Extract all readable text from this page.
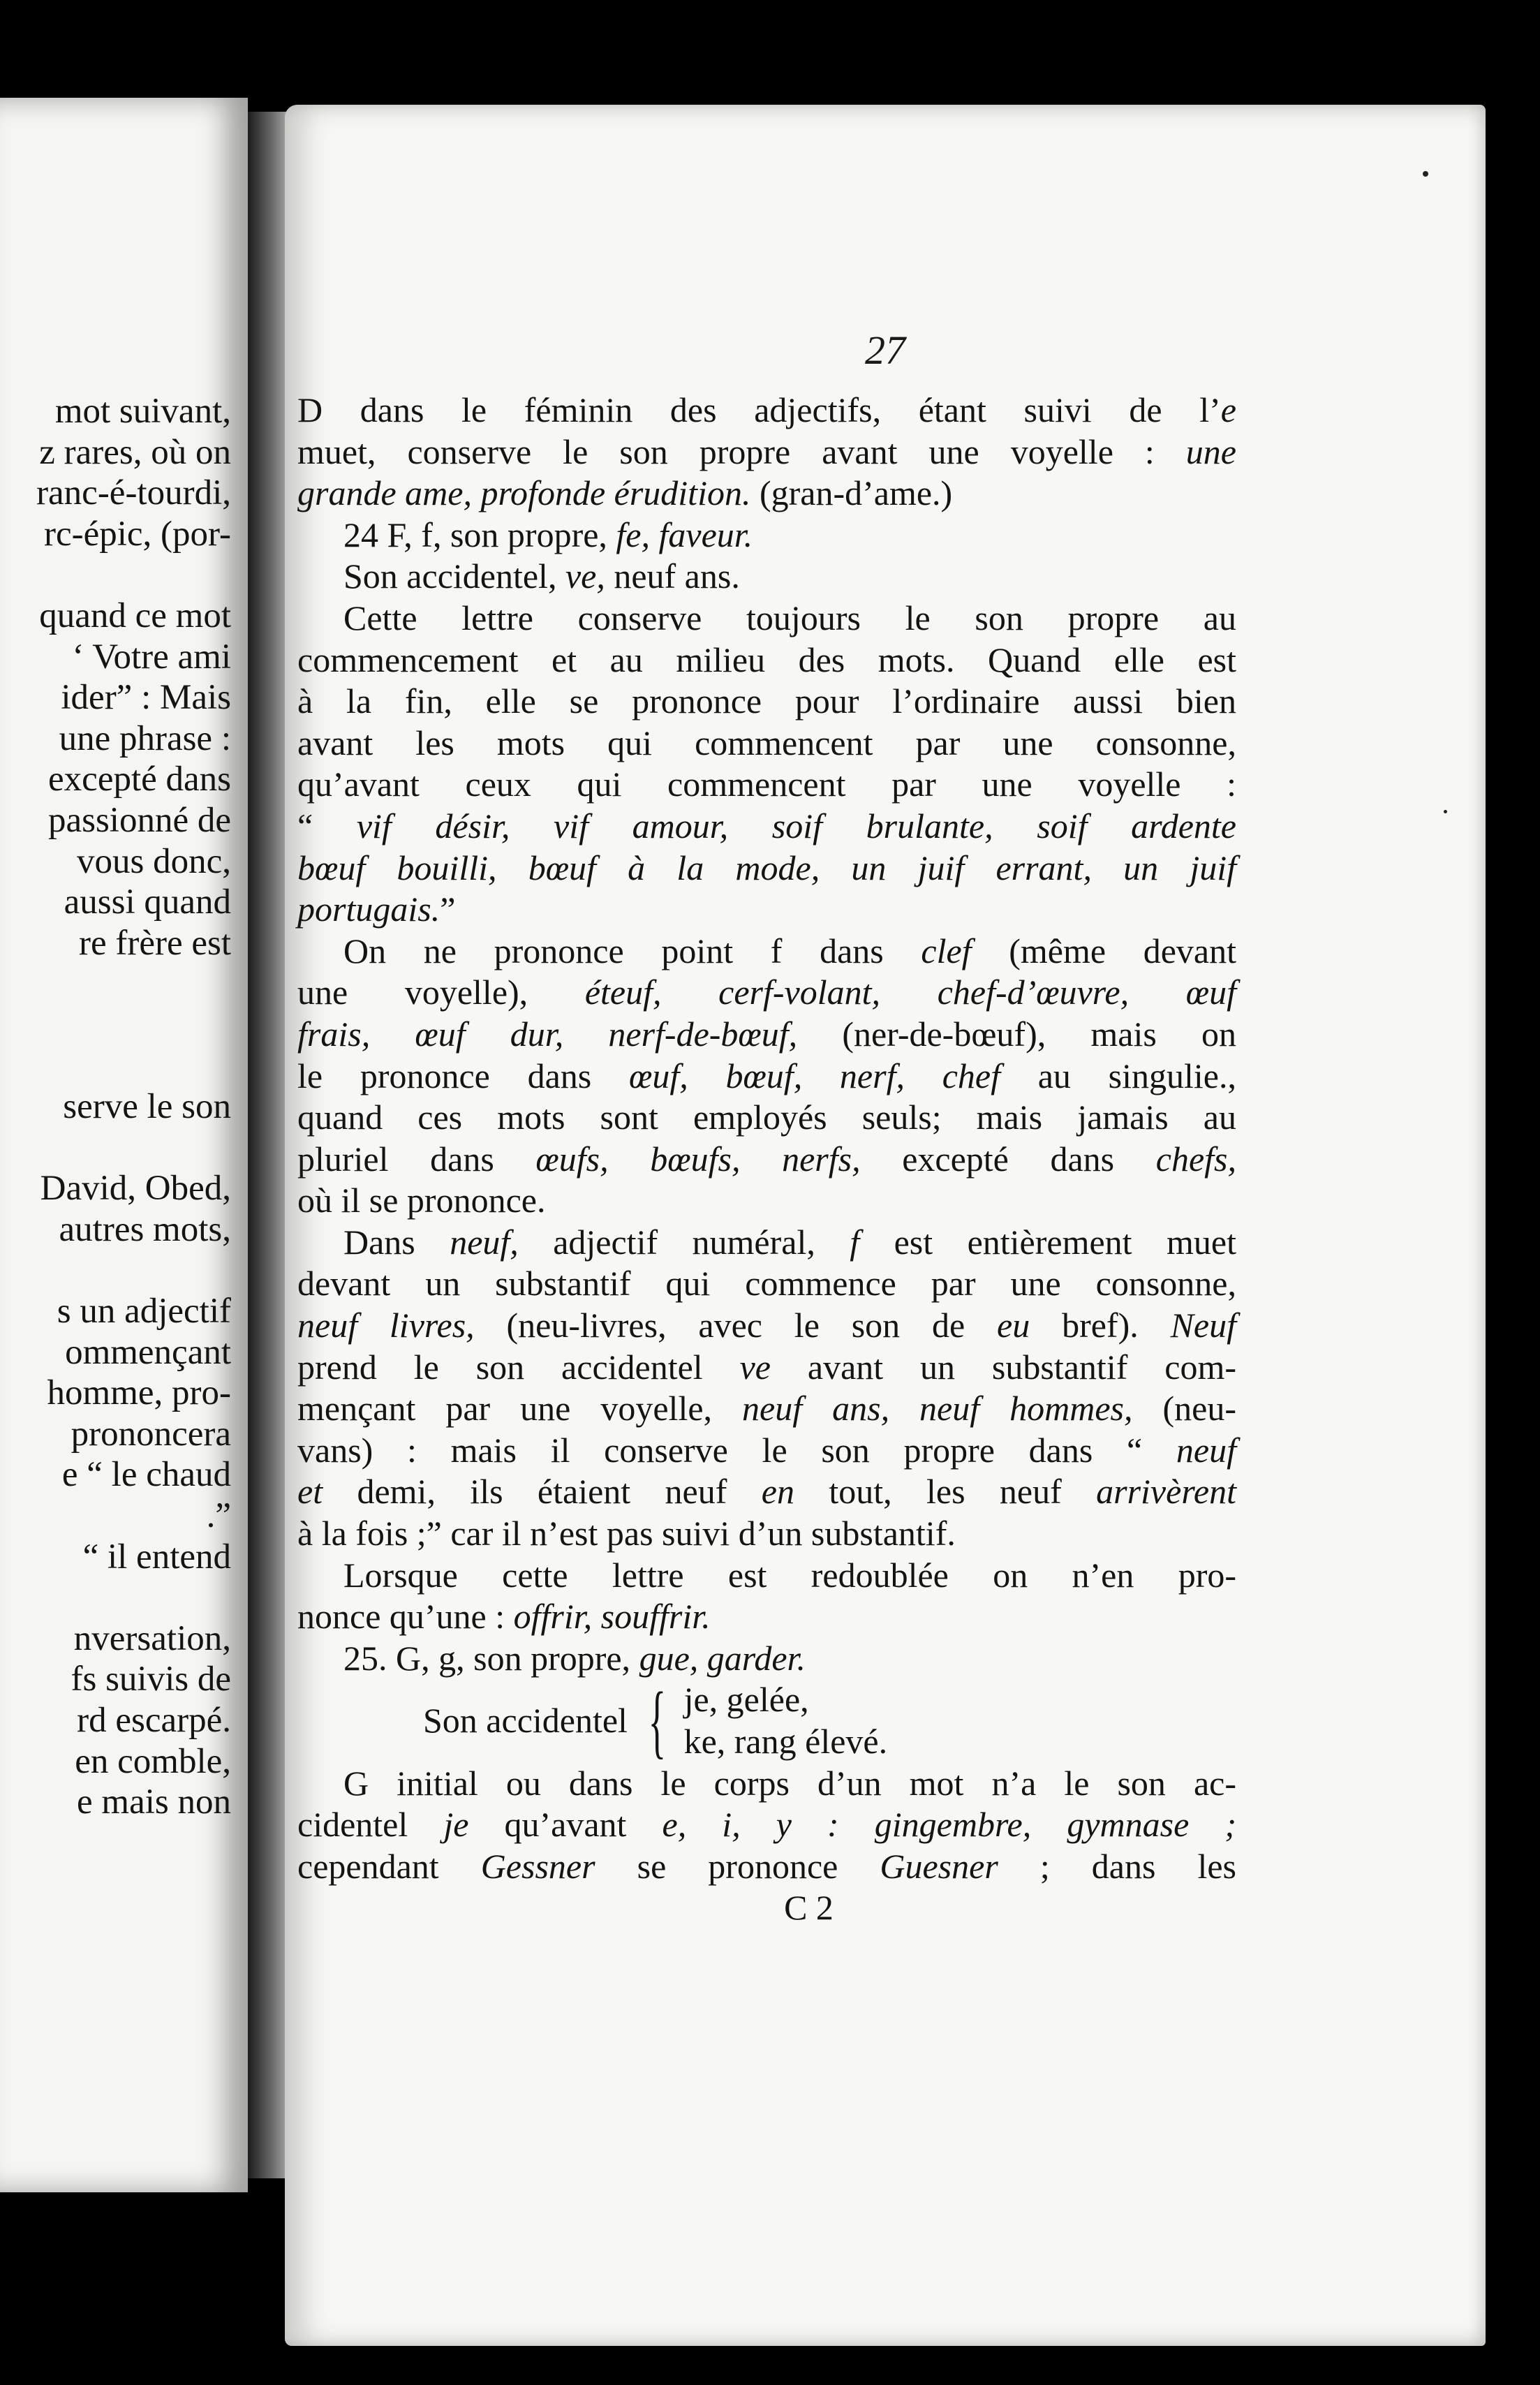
mot suivant,
z rares, où on
ranc-é-tourdi,
rc-épic, (por-

quand ce mot
‘ Votre ami
ider” : Mais
une phrase :
excepté dans
passionné de
vous donc,
aussi quand
re frère est

serve le son

David, Obed,
autres mots,

s un adjectif
ommençant
homme, pro-
prononcera
e “ le chaud
.”
“ il entend

nversation,
fs suivis de
rd escarpé.
en comble,
e mais non
27
D dans le féminin des adjectifs, étant suivi de l’e
muet, conserve le son propre avant une voyelle : une
grande ame, profonde érudition. (gran-d’ame.)
24 F, f, son propre, fe, faveur.
Son accidentel, ve, neuf ans.
Cette lettre conserve toujours le son propre au
commencement et au milieu des mots. Quand elle est
à la fin, elle se prononce pour l’ordinaire aussi bien
avant les mots qui commencent par une consonne,
qu’avant ceux qui commencent par une voyelle :
“ vif désir, vif amour, soif brulante, soif ardente
bœuf bouilli, bœuf à la mode, un juif errant, un juif
portugais.”
On ne prononce point f dans clef (même devant
une voyelle), éteuf, cerf-volant, chef-d’œuvre, œuf
frais, œuf dur, nerf-de-bœuf, (ner-de-bœuf), mais on
le prononce dans œuf, bœuf, nerf, chef au singulie.,
quand ces mots sont employés seuls; mais jamais au
pluriel dans œufs, bœufs, nerfs, excepté dans chefs,
où il se prononce.
Dans neuf, adjectif numéral, f est entièrement muet
devant un substantif qui commence par une consonne,
neuf livres, (neu-livres, avec le son de eu bref). Neuf
prend le son accidentel ve avant un substantif com-
mençant par une voyelle, neuf ans, neuf hommes, (neu-
vans) : mais il conserve le son propre dans “ neuf
et demi, ils étaient neuf en tout, les neuf arrivèrent
à la fois ;” car il n’est pas suivi d’un substantif.
Lorsque cette lettre est redoublée on n’en pro-
nonce qu’une : offrir, souffrir.
25. G, g, son propre, gue, garder.
Son accidentel { je, gelée,
ke, rang élevé.
G initial ou dans le corps d’un mot n’a le son ac-
cidentel je qu’avant e, i, y : gingembre, gymnase ;
cependant Gessner se prononce Guesner ; dans les
C 2
